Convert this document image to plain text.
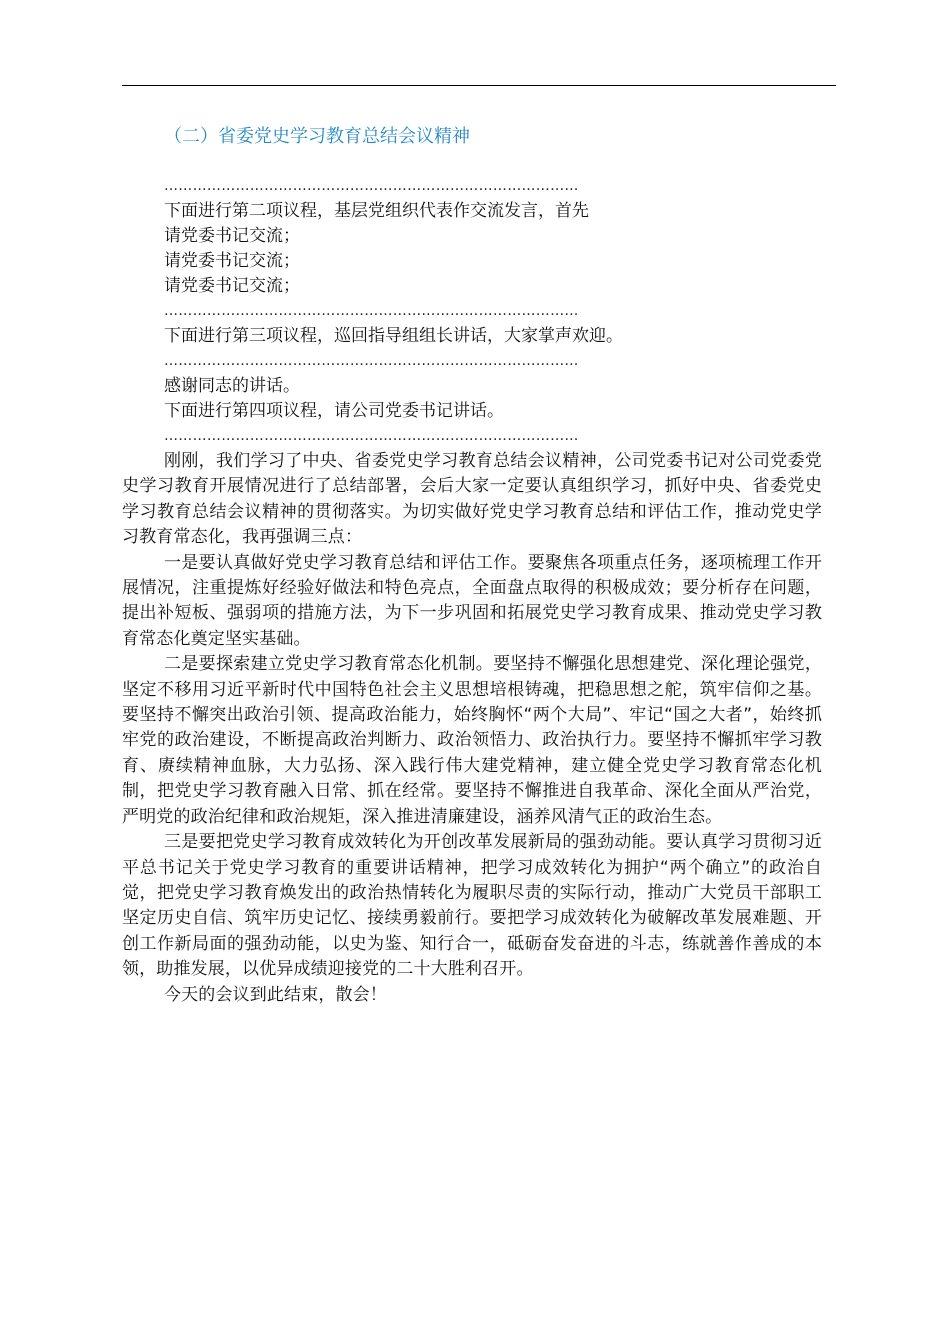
（二）省委党史学习教育总结会议精神

……………………………………………………………………………

下面进行第二项议程，基层党组织代表作交流发言，首先

请党委书记交流；

请党委书记交流；

请党委书记交流；

……………………………………………………………………………

下面进行第三项议程，巡回指导组组长讲话，大家掌声欢迎。

……………………………………………………………………………

感谢同志的讲话。

下面进行第四项议程，请公司党委书记讲话。

……………………………………………………………………………

刚刚，我们学习了中央、省委党史学习教育总结会议精神，公司党委书记对公司党委党史学习教育开展情况进行了总结部署，会后大家一定要认真组织学习，抓好中央、省委党史学习教育总结会议精神的贯彻落实。为切实做好党史学习教育总结和评估工作，推动党史学习教育常态化，我再强调三点：

一是要认真做好党史学习教育总结和评估工作。要聚焦各项重点任务，逐项梳理工作开展情况，注重提炼好经验好做法和特色亮点，全面盘点取得的积极成效；要分析存在问题，提出补短板、强弱项的措施方法，为下一步巩固和拓展党史学习教育成果、推动党史学习教育常态化奠定坚实基础。

二是要探索建立党史学习教育常态化机制。要坚持不懈强化思想建党、深化理论强党，坚定不移用习近平新时代中国特色社会主义思想培根铸魂，把稳思想之舵，筑牢信仰之基。要坚持不懈突出政治引领、提高政治能力，始终胸怀“两个大局”、牢记“国之大者”，始终抓牢党的政治建设，不断提高政治判断力、政治领悟力、政治执行力。要坚持不懈抓牢学习教育、赓续精神血脉，大力弘扬、深入践行伟大建党精神，建立健全党史学习教育常态化机制，把党史学习教育融入日常、抓在经常。要坚持不懈推进自我革命、深化全面从严治党，严明党的政治纪律和政治规矩，深入推进清廉建设，涵养风清气正的政治生态。

三是要把党史学习教育成效转化为开创改革发展新局的强劲动能。要认真学习贯彻习近平总书记关于党史学习教育的重要讲话精神，把学习成效转化为拥护“两个确立”的政治自觉，把党史学习教育焕发出的政治热情转化为履职尽责的实际行动，推动广大党员干部职工坚定历史自信、筑牢历史记忆、接续勇毅前行。要把学习成效转化为破解改革发展难题、开创工作新局面的强劲动能，以史为鉴、知行合一，砥砺奋发奋进的斗志，练就善作善成的本领，助推发展，以优异成绩迎接党的二十大胜利召开。

今天的会议到此结束，散会！
